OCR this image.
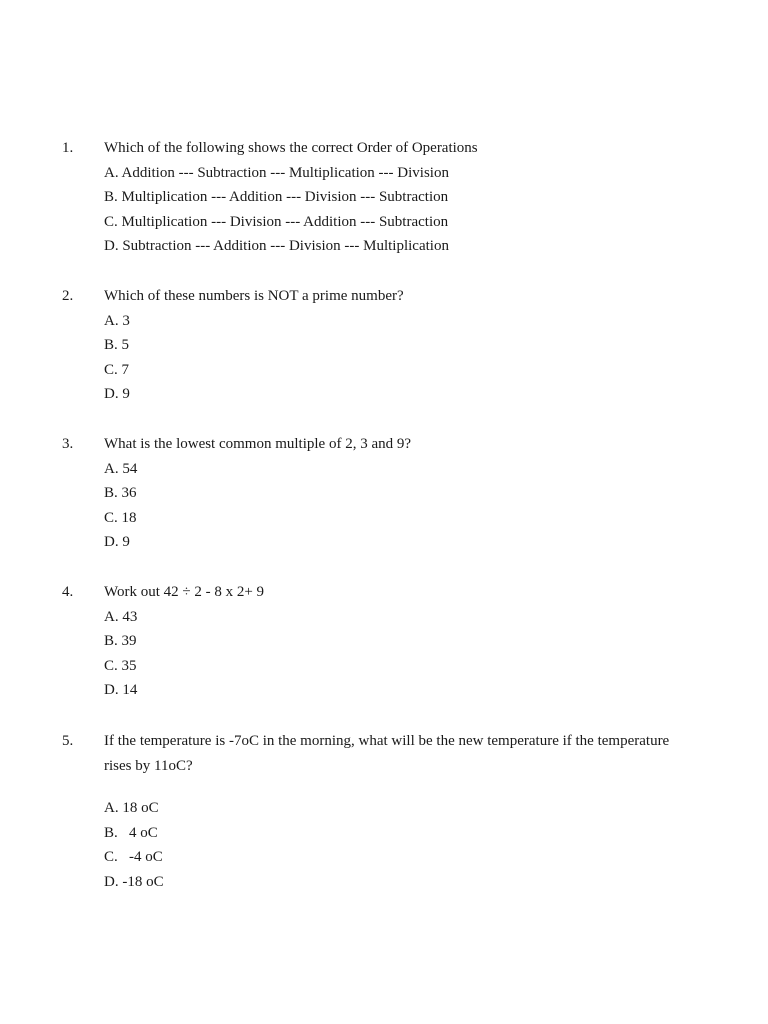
1. Which of the following shows the correct Order of Operations
A. Addition --- Subtraction --- Multiplication --- Division
B. Multiplication --- Addition --- Division --- Subtraction
C. Multiplication --- Division --- Addition --- Subtraction
D. Subtraction --- Addition --- Division --- Multiplication
2. Which of these numbers is NOT a prime number?
A. 3
B. 5
C. 7
D. 9
3. What is the lowest common multiple of 2, 3 and 9?
A. 54
B. 36
C. 18
D. 9
4. Work out 42 ÷ 2 - 8 x 2+ 9
A. 43
B. 39
C. 35
D. 14
5. If the temperature is -7oC in the morning, what will be the new temperature if the temperature rises by 11oC?
A. 18 oC
B.   4 oC
C.   -4 oC
D. -18 oC
